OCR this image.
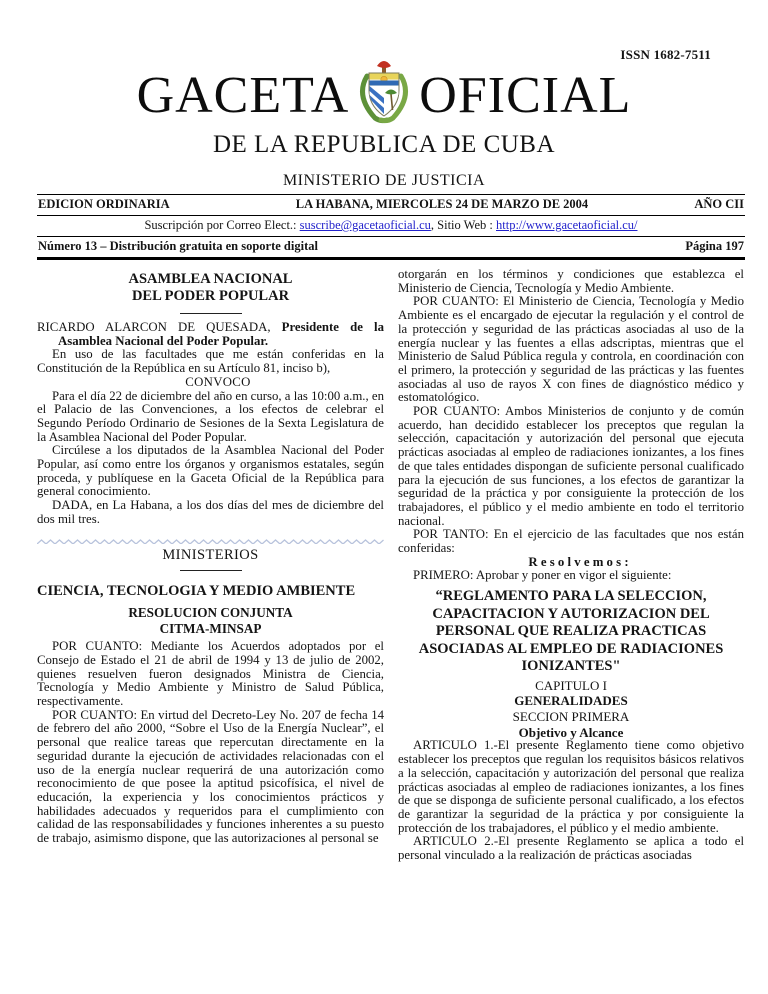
ISSN 1682-7511
GACETA OFICIAL
DE LA REPUBLICA DE CUBA
MINISTERIO DE JUSTICIA
EDICION ORDINARIA	LA HABANA, MIERCOLES 24 DE MARZO DE 2004	AÑO CII
Suscripción por Correo Elect.: suscribe@gacetaoficial.cu, Sitio Web : http://www.gacetaoficial.cu/
Número 13 – Distribución gratuita en soporte digital	Página 197
ASAMBLEA NACIONAL
DEL PODER POPULAR

RICARDO ALARCON DE QUESADA, Presidente de la Asamblea Nacional del Poder Popular.

En uso de las facultades que me están conferidas en la Constitución de la República en su Artículo 81, inciso b),

CONVOCO

Para el día 22 de diciembre del año en curso, a las 10:00 a.m., en el Palacio de las Convenciones, a los efectos de celebrar el Segundo Período Ordinario de Sesiones de la Sexta Legislatura de la Asamblea Nacional del Poder Popular.

Circúlese a los diputados de la Asamblea Nacional del Poder Popular, así como entre los órganos y organismos estatales, según proceda, y publíquese en la Gaceta Oficial de la República para general conocimiento.

DADA, en La Habana, a los dos días del mes de diciembre del dos mil tres.

MINISTERIOS
CIENCIA, TECNOLOGIA Y MEDIO AMBIENTE
RESOLUCION CONJUNTA
CITMA-MINSAP

POR CUANTO: Mediante los Acuerdos adoptados por el Consejo de Estado el 21 de abril de 1994 y 13 de julio de 2002, quienes resuelven fueron designados Ministra de Ciencia, Tecnología y Medio Ambiente y Ministro de Salud Pública, respectivamente.

POR CUANTO: En virtud del Decreto-Ley No. 207 de fecha 14 de febrero del año 2000, “Sobre el Uso de la Energía Nuclear”, el personal que realice tareas que repercutan directamente en la seguridad durante la ejecución de actividades relacionadas con el uso de la energía nuclear requerirá de una autorización como reconocimiento de que posee la aptitud psicofísica, el nivel de educación, la experiencia y los conocimientos prácticos y habilidades adecuados y requeridos para el cumplimiento con calidad de las responsabilidades y funciones inherentes a su puesto de trabajo, asimismo dispone, que las autorizaciones al personal se

otorgarán en los términos y condiciones que establezca el Ministerio de Ciencia, Tecnología y Medio Ambiente.

POR CUANTO: El Ministerio de Ciencia, Tecnología y Medio Ambiente es el encargado de ejecutar la regulación y el control de la protección y seguridad de las prácticas asociadas al uso de la energía nuclear y las fuentes a ellas adscriptas, mientras que el Ministerio de Salud Pública regula y controla, en coordinación con el primero, la protección y seguridad de las prácticas y las fuentes asociadas al uso de rayos X con fines de diagnóstico médico y estomatológico.

POR CUANTO: Ambos Ministerios de conjunto y de común acuerdo, han decidido establecer los preceptos que regulan la selección, capacitación y autorización del personal que ejecuta prácticas asociadas al empleo de radiaciones ionizantes, a los fines de que tales entidades dispongan de suficiente personal cualificado para la ejecución de sus funciones, a los efectos de garantizar la seguridad de la práctica y por consiguiente la protección de los trabajadores, el público y el medio ambiente en todo el territorio nacional.

POR TANTO: En el ejercicio de las facultades que nos están conferidas:

R e s o l v e m o s :

PRIMERO: Aprobar y poner en vigor el siguiente:

“REGLAMENTO PARA LA SELECCION, CAPACITACION Y AUTORIZACION DEL PERSONAL QUE REALIZA PRACTICAS ASOCIADAS AL EMPLEO DE RADIACIONES IONIZANTES"
CAPITULO I
GENERALIDADES
SECCION PRIMERA
Objetivo y Alcance

ARTICULO 1.-El presente Reglamento tiene como objetivo establecer los preceptos que regulan los requisitos básicos relativos a la selección, capacitación y autorización del personal que realiza prácticas asociadas al empleo de radiaciones ionizantes, a los fines de que se disponga de suficiente personal cualificado, a los efectos de garantizar la seguridad de la práctica y por consiguiente la protección de los trabajadores, el público y el medio ambiente.

ARTICULO 2.-El presente Reglamento se aplica a todo el personal vinculado a la realización de prácticas asociadas
